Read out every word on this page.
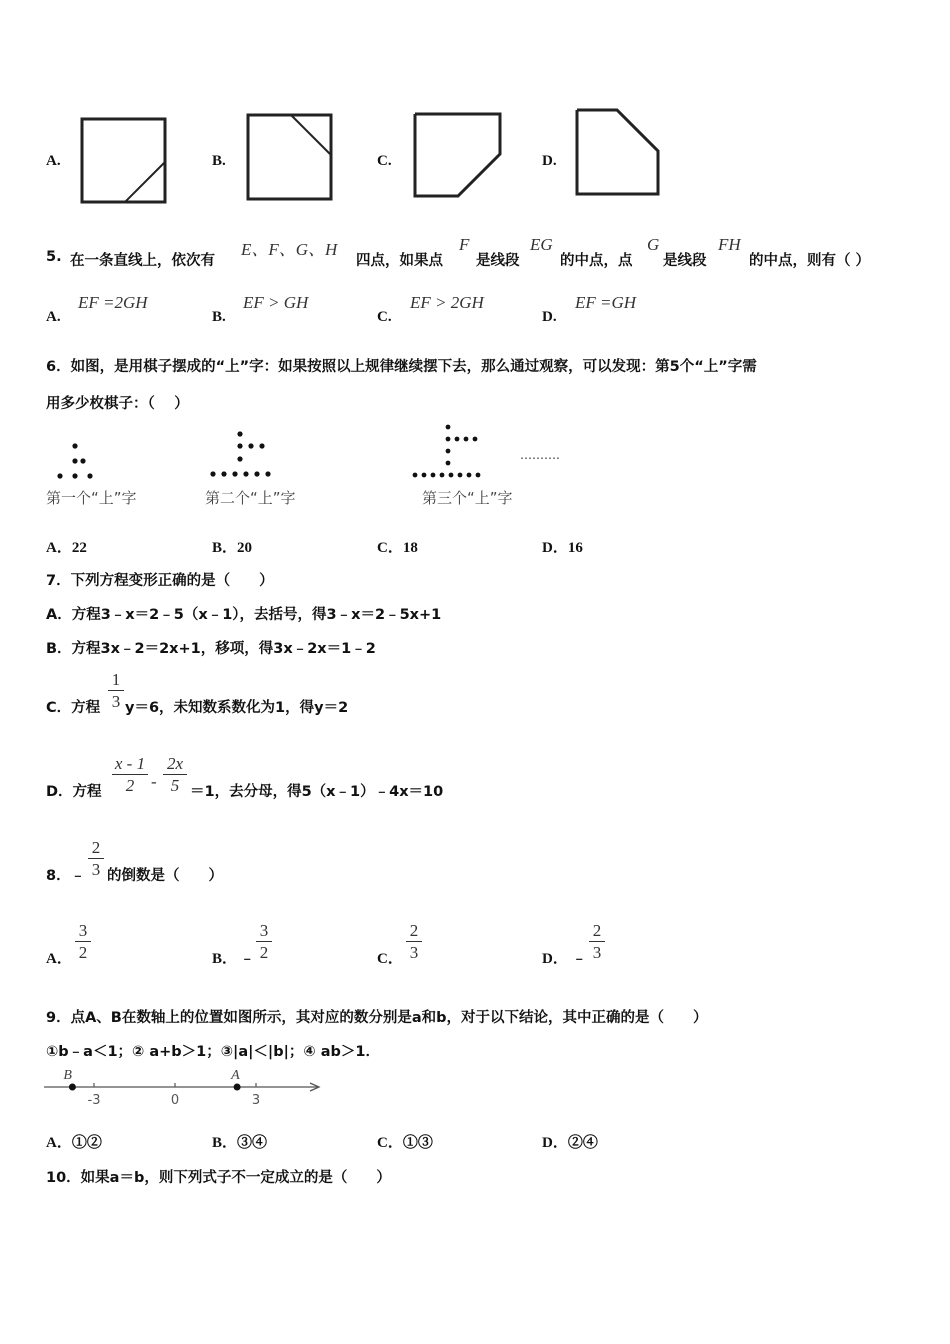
A.	B.	C.	D.
5. 在一条直线上，依次有
E、F、G、H
四点，如果点
F
是线段
EG
的中点，点
G
是线段
FH
的中点，则有（ ）
A.
EF =2GH
B.
EF > GH
C.
EF > 2GH
D.
EF =GH
6．如图，是用棋子摆成的“上”字：如果按照以上规律继续摆下去，那么通过观察，可以发现：第5个“上”字需
用多少枚棋子：（　 ）
第一个“上”字	第二个“上”字	第三个“上”字
……….
A．22	B．20	C．18	D．16
7．下列方程变形正确的是（　　）
A．方程3﹣x＝2﹣5（x﹣1），去括号，得3﹣x＝2﹣5x+1
B．方程3x﹣2＝2x+1，移项，得3x﹣2x＝1﹣2
C．方程 $\frac{1}{3} y=6$，未知数系数化为1，得y＝2
D．方程 $\frac{x - 1}{2} - \frac{2x}{5} =1$，去分母，得5（x﹣1）﹣4x＝10
8．﹣ $\frac{2}{3}$ 的倒数是（　　）
A． $\frac{3}{2}$	B． ﹣ $\frac{3}{2}$	C． $\frac{2}{3}$	D． ﹣ $\frac{2}{3}$
9．点A、B在数轴上的位置如图所示，其对应的数分别是a和b，对于以下结论，其中正确的是（　　）
①b﹣a＜1；② a+b＞1；③|a|＜|b|；④ ab＞1．
-3	0	3
B	A
A．①②	B．③④	C．①③	D．②④
10．如果a＝b，则下列式子不一定成立的是（　　）
